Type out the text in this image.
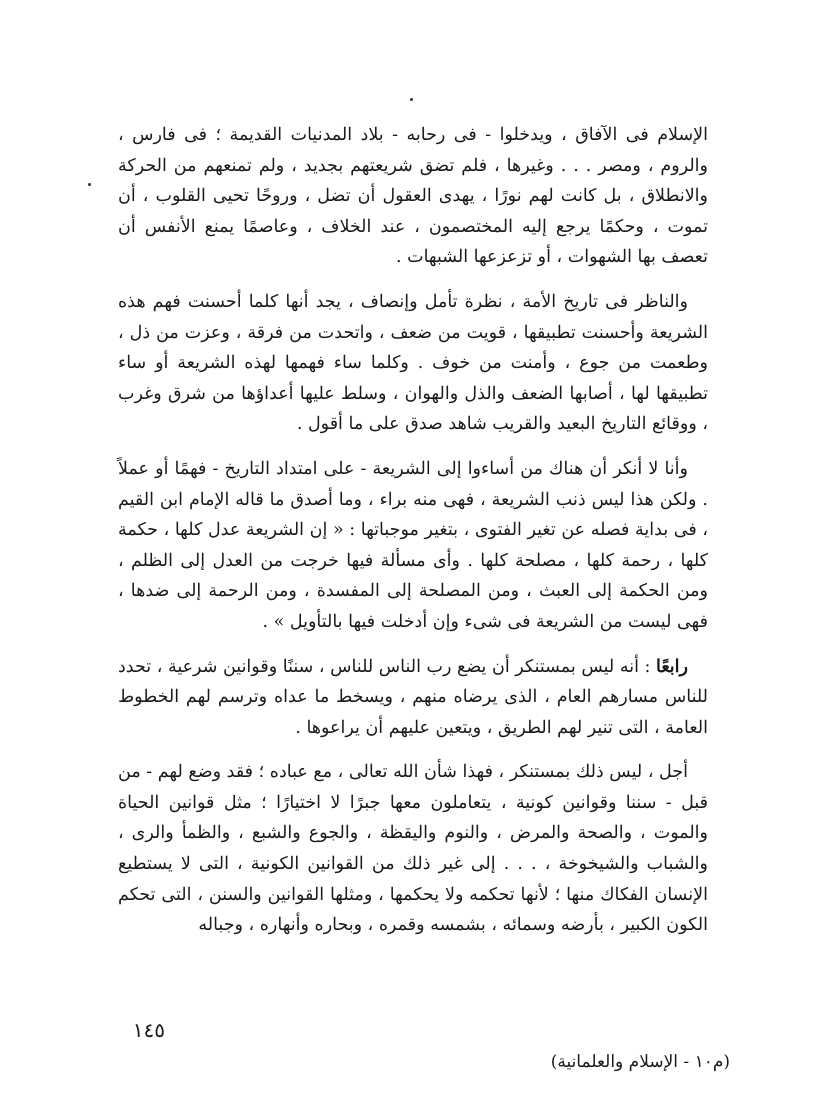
الإسلام فى الآفاق ، ويدخلوا - فى رحابه - بلاد المدنيات القديمة ؛ فى فارس ، والروم ، ومصر . . . وغيرها ، فلم تضق شريعتهم بجديد ، ولم تمنعهم من الحركة والانطلاق ، بل كانت لهم نورًا ، يهدى العقول أن تضل ، وروحًا تحيى القلوب ، أن تموت ، وحكمًا يرجع إليه المختصمون ، عند الخلاف ، وعاصمًا يمنع الأنفس أن تعصف بها الشهوات ، أو تزعزعها الشبهات .

والناظر فى تاريخ الأمة ، نظرة تأمل وإنصاف ، يجد أنها كلما أحسنت فهم هذه الشريعة وأحسنت تطبيقها ، قويت من ضعف ، واتحدت من فرقة ، وعزت من ذل ، وطعمت من جوع ، وأمنت من خوف . وكلما ساء فهمها لهذه الشريعة أو ساء تطبيقها لها ، أصابها الضعف والذل والهوان ، وسلط عليها أعداؤها من شرق وغرب ، ووقائع التاريخ البعيد والقريب شاهد صدق على ما أقول .

وأنا لا أنكر أن هناك من أساءوا إلى الشريعة - على امتداد التاريخ - فهمًا أو عملاً . ولكن هذا ليس ذنب الشريعة ، فهى منه براء ، وما أصدق ما قاله الإمام ابن القيم ، فى بداية فصله عن تغير الفتوى ، بتغير موجباتها : « إن الشريعة عدل كلها ، حكمة كلها ، رحمة كلها ، مصلحة كلها . وأى مسألة فيها خرجت من العدل إلى الظلم ، ومن الحكمة إلى العبث ، ومن المصلحة إلى المفسدة ، ومن الرحمة إلى ضدها ، فهى ليست من الشريعة فى شىء وإن أدخلت فيها بالتأويل » .

رابعًا : أنه ليس بمستنكر أن يضع رب الناس للناس ، سننًا وقوانين شرعية ، تحدد للناس مسارهم العام ، الذى يرضاه منهم ، ويسخط ما عداه وترسم لهم الخطوط العامة ، التى تنير لهم الطريق ، ويتعين عليهم أن يراعوها .

أجل ، ليس ذلك بمستنكر ، فهذا شأن الله تعالى ، مع عباده ؛ فقد وضع لهم - من قبل - سننا وقوانين كونية ، يتعاملون معها جبرًا لا اختيارًا ؛ مثل قوانين الحياة والموت ، والصحة والمرض ، والنوم واليقظة ، والجوع والشبع ، والظمأ والرى ، والشباب والشيخوخة ، . . . إلى غير ذلك من القوانين الكونية ، التى لا يستطيع الإنسان الفكاك منها ؛ لأنها تحكمه ولا يحكمها ، ومثلها القوانين والسنن ، التى تحكم الكون الكبير ، بأرضه وسمائه ، بشمسه وقمره ، وبحاره وأنهاره ، وجباله

١٤٥
(م١٠ - الإسلام والعلمانية)
